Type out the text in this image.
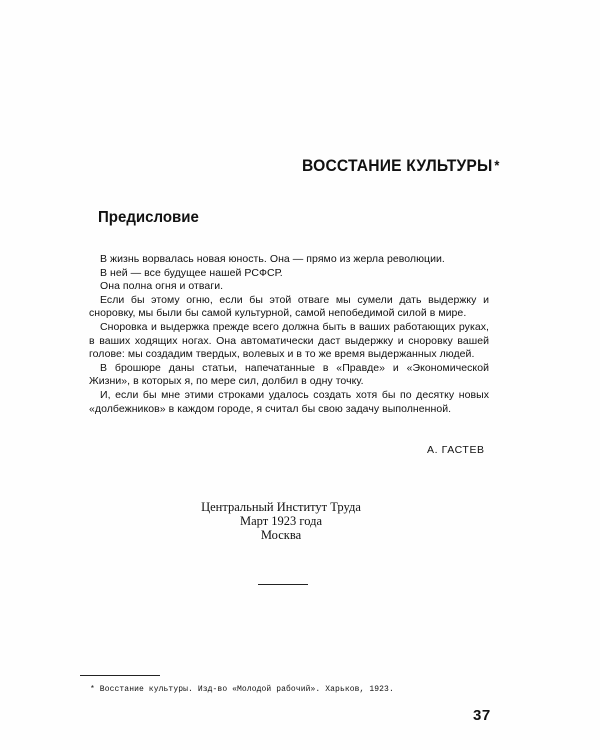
ВОССТАНИЕ КУЛЬТУРЫ *
Предисловие

В жизнь ворвалась новая юность. Она — прямо из жерла революции.

В ней — все будущее нашей РСФСР.

Она полна огня и отваги.

Если бы этому огню, если бы этой отваге мы сумели дать выдержку и сноровку, мы были бы самой культурной, самой непобедимой силой в мире.

Сноровка и выдержка прежде всего должна быть в ваших работающих руках, в ваших ходящих ногах. Она автоматически даст выдержку и сноровку вашей голове: мы создадим твердых, волевых и в то же время выдержанных людей.

В брошюре даны статьи, напечатанные в «Правде» и «Экономической Жизни», в которых я, по мере сил, долбил в одну точку.

И, если бы мне этими строками удалось создать хотя бы по десятку новых «долбежников» в каждом городе, я считал бы свою задачу выполненной.

А. ГАСТЕВ
Центральный Институт Труда
Март 1923 года
Москва
* Восстание культуры. Изд-во «Молодой рабочий». Харьков, 1923.
37
